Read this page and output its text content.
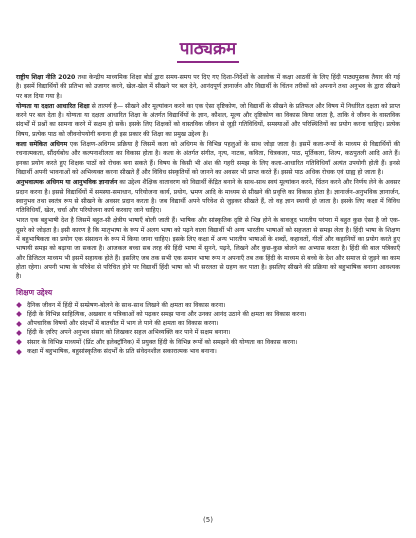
पाठ्यक्रम

राष्ट्रीय शिक्षा नीति 2020 तथा केन्द्रीय माध्यमिक शिक्षा बोर्ड द्वारा समय-समय पर दिए गए दिशा-निर्देशों के आलोक में कक्षा आठवीं के लिए हिंदी पाठ्यपुस्तक तैयार की गई है। इसमें विद्यार्थियों की प्रतिभा को उजागर करने, खेल-खेल में सीखने पर बल देने, आनंदपूर्ण ज्ञानार्जन और विद्यार्थी के चिंतन तरीकों को अपनाने तथा अनुभव के द्वारा सीखने पर बल दिया गया है।

योग्यता या दक्षता आधारित शिक्षा से तात्पर्य है— सीखने और मूल्यांकन करने का एक ऐसा दृष्टिकोण, जो विद्यार्थी के सीखने के प्रतिफल और विषय में निर्धारित दक्षता को प्राप्त करने पर बल देता है। योग्यता या दक्षता आधारित शिक्षा के अंतर्गत विद्यार्थियों के ज्ञान, कौशल, मूल्य और दृष्टिकोण का विकास किया जाता है, ताकि वे जीवन के वास्तविक संदर्भों में प्रश्नों का सामना करने में सक्षम हो सकें। इसके लिए शिक्षकों को वास्तविक जीवन से जुड़ी गतिविधियों, समस्याओं और परिस्थितियों का प्रयोग करना चाहिए। प्रत्येक विषय, प्रत्येक पाठ को जीवनोपयोगी बनाना ही इस प्रकार की शिक्षा का प्रमुख उद्देश्य है।

कला समेकित अधिगम एक शिक्षण-अधिगम प्रक्रिया है जिसमें कला को अधिगम के विभिन्न पहलुओं के साथ जोड़ा जाता है। इसमें कला-रूपों के माध्यम से विद्यार्थियों की रचनात्मकता, सौंदर्यबोध और कल्पनाशीलता का विकास होता है। कला के अंतर्गत संगीत, नृत्य, नाटक, कविता, चित्रकला, पाठ, मूर्तिकला, शिल्प, कठपुतली आदि आते हैं। इनका प्रयोग करते हुए शिक्षक पाठों को रोचक बना सकते हैं। विषय के किसी भी अंश की गहरी समझ के लिए कला-आधारित गतिविधियाँ अत्यंत उपयोगी होती हैं। इनसे विद्यार्थी अपनी भावनाओं को अभिव्यक्त करना सीखते हैं और विविध संस्कृतियों को जानने का अवसर भी प्राप्त करते हैं। इससे पाठ अधिक रोचक एवं ग्राह्य हो जाता है।

अनुभवात्मक अधिगम या आनुभविक ज्ञानार्जन का उद्देश्य शैक्षिक वातावरण को विद्यार्थी केंद्रित बनाने के साथ-साथ स्वयं मूल्यांकन करने, चिंतन करने और निर्णय लेने के अवसर प्रदान करना है। इससे विद्यार्थियों में समस्या-समाधान, परियोजना कार्य, प्रयोग, भ्रमण आदि के माध्यम से सीखने की प्रवृत्ति का विकास होता है। ज्ञानार्जन-अनुभविक ज्ञानार्जन, स्वानुभव तथा स्वतंत्र रूप से सीखने के अवसर प्रदान करता है। जब विद्यार्थी अपने परिवेश से जुड़कर सीखते हैं, तो वह ज्ञान स्थायी हो जाता है। इसके लिए कक्षा में विविध गतिविधियाँ, खेल, चर्चा और परियोजना कार्य करवाए जाने चाहिए।

भारत एक बहुभाषी देश है जिसमें बहुत-सी क्षेत्रीय भाषाएँ बोली जाती हैं। भाषिक और सांस्कृतिक दृष्टि से भिन्न होने के बावजूद भारतीय परंपरा में बहुत कुछ ऐसा है जो एक-दूसरे को जोड़ता है। इसी कारण है कि मातृभाषा के रूप में अलग भाषा को पढ़ने वाला विद्यार्थी भी अन्य भारतीय भाषाओं को सहजता से समझ लेता है। हिंदी भाषा के शिक्षण में बहुभाषिकता का प्रयोग एक संसाधन के रूप में किया जाना चाहिए। इसके लिए कक्षा में अन्य भारतीय भाषाओं के शब्दों, कहावतों, गीतों और कहानियों का प्रयोग करते हुए भाषायी समझ को बढ़ाया जा सकता है। आजकल बच्चा सब तरह की हिंदी भाषा में सुनने, पढ़ने, लिखने और कुछ-कुछ बोलने का अभ्यास करता है। हिंदी की बाल पत्रिकाएँ और डिजिटल माध्यम भी इसमें सहायक होते हैं। इसलिए जब तक सभी एक समान भाषा रूप न अपनाएँ तब तक हिंदी के माध्यम से बच्चे के देश और समाज से जुड़ने का काम होता रहेगा। अपनी भाषा के परिवेश से परिचित होने पर विद्यार्थी हिंदी भाषा को भी सरलता से ग्रहण कर पाता है। इसलिए सीखने की प्रक्रिया को बहुभाषिक बनाना आवश्यक है।

शिक्षण उद्देश्य
दैनिक जीवन में हिंदी में सम्प्रेषण-बोलने के साथ-साथ लिखने की क्षमता का विकास करना।
हिंदी के विभिन्न साहित्यिक, अखबार व पत्रिकाओं को पढ़कर समझ पाना और उनका आनंद उठाने की क्षमता का विकास करना।
औपचारिक विषयों और संदर्भों में बातचीत में भाग ले पाने की क्षमता का विकास करना।
हिंदी के ज़रिए अपने अनुभव संसार को लिखकर सहज अभिव्यक्ति कर पाने में सक्षम बनाना।
संसार के विभिन्न माध्यमों (प्रिंट और इलेक्ट्रॉनिक) में प्रयुक्त हिंदी के विभिन्न रूपों को समझने की योग्यता का विकास करना।
कक्षा में बहुभाषिक, बहुसांस्कृतिक संदर्भों के प्रति संवेदनशील सकारात्मक भाव बनाना।
(5)
